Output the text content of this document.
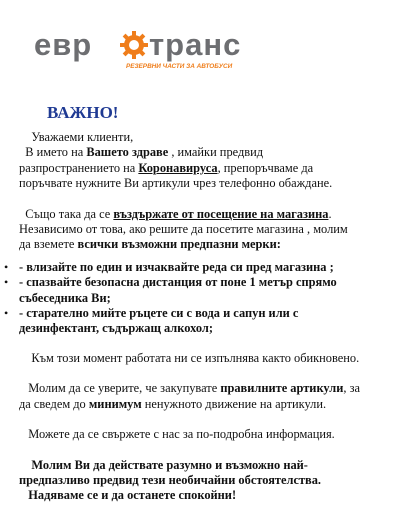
евр транс
РЕЗЕРВНИ ЧАСТИ ЗА АВТОБУСИ
ВАЖНО!

Уважаеми клиенти,

В името на Вашето здраве , имайки предвид
разпространението на Коронавируса, препоръчваме да
поръчвате нужните Ви артикули чрез телефонно обаждане.

Също така да се въздържате от посещение на магазина.
Независимо от това, ако решите да посетите магазина , молим
да вземете всички възможни предпазни мерки:

• - влизайте по един и изчаквайте реда си пред магазина ;
• - спазвайте безопасна дистанция от поне 1 метър спрямо
събеседника Ви;
• - старателно мийте ръцете си с вода и сапун или с
дезинфектант, съдържащ алкохол;

Към този момент работата ни се изпълнява както обикновено.

Молим да се уверите, че закупувате правилните артикули, за
да сведем до минимум ненужното движение на артикули.

Можете да се свържете с нас за по-подробна информация.

Молим Ви да действате разумно и възможно най-
предпазливо предвид тези необичайни обстоятелства.
Надяваме се и да останете спокойни!
